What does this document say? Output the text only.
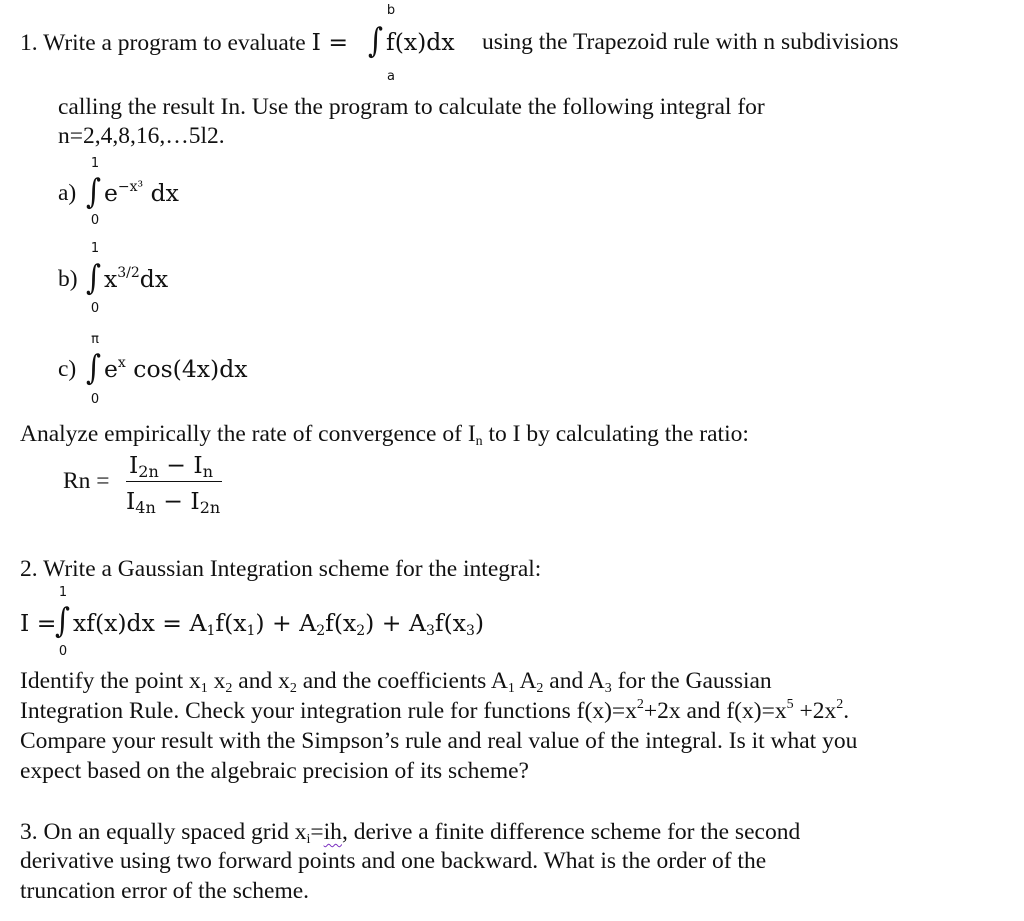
b
1. Write a program to evaluate I = ∫ f(x)dx using the Trapezoid rule with n subdivisions
a
calling the result In. Use the program to calculate the following integral for
n=2,4,8,16,…5l2.
1
a) ∫ $e^{-x^3}$ dx
0
1
b) ∫ $x^{3/2}dx$
0
π
c) ∫ $e^x$ cos(4x)dx
0
Analyze empirically the rate of convergence of $I_n$ to I by calculating the ratio:
Rn =
I2n − In
I4n − I2n
2. Write a Gaussian Integration scheme for the integral:
1
I =
∫ $xf(x)dx = A_1f(x_1) + A_2f(x_2) + A_3f(x_3)$
0
Identify the point $x_1$ $x_2$ and $x_2$ and the coefficients $A_1$ $A_2$ and $A_3$ for the Gaussian
Integration Rule. Check your integration rule for functions $f(x)=x^2+2x$ and $f(x)=x^5 +2x^2$.
Compare your result with the Simpson’s rule and real value of the integral. Is it what you
expect based on the algebraic precision of its scheme?
3. On an equally spaced grid $x_i=ih$, derive a finite difference scheme for the second
derivative using two forward points and one backward. What is the order of the
truncation error of the scheme.
